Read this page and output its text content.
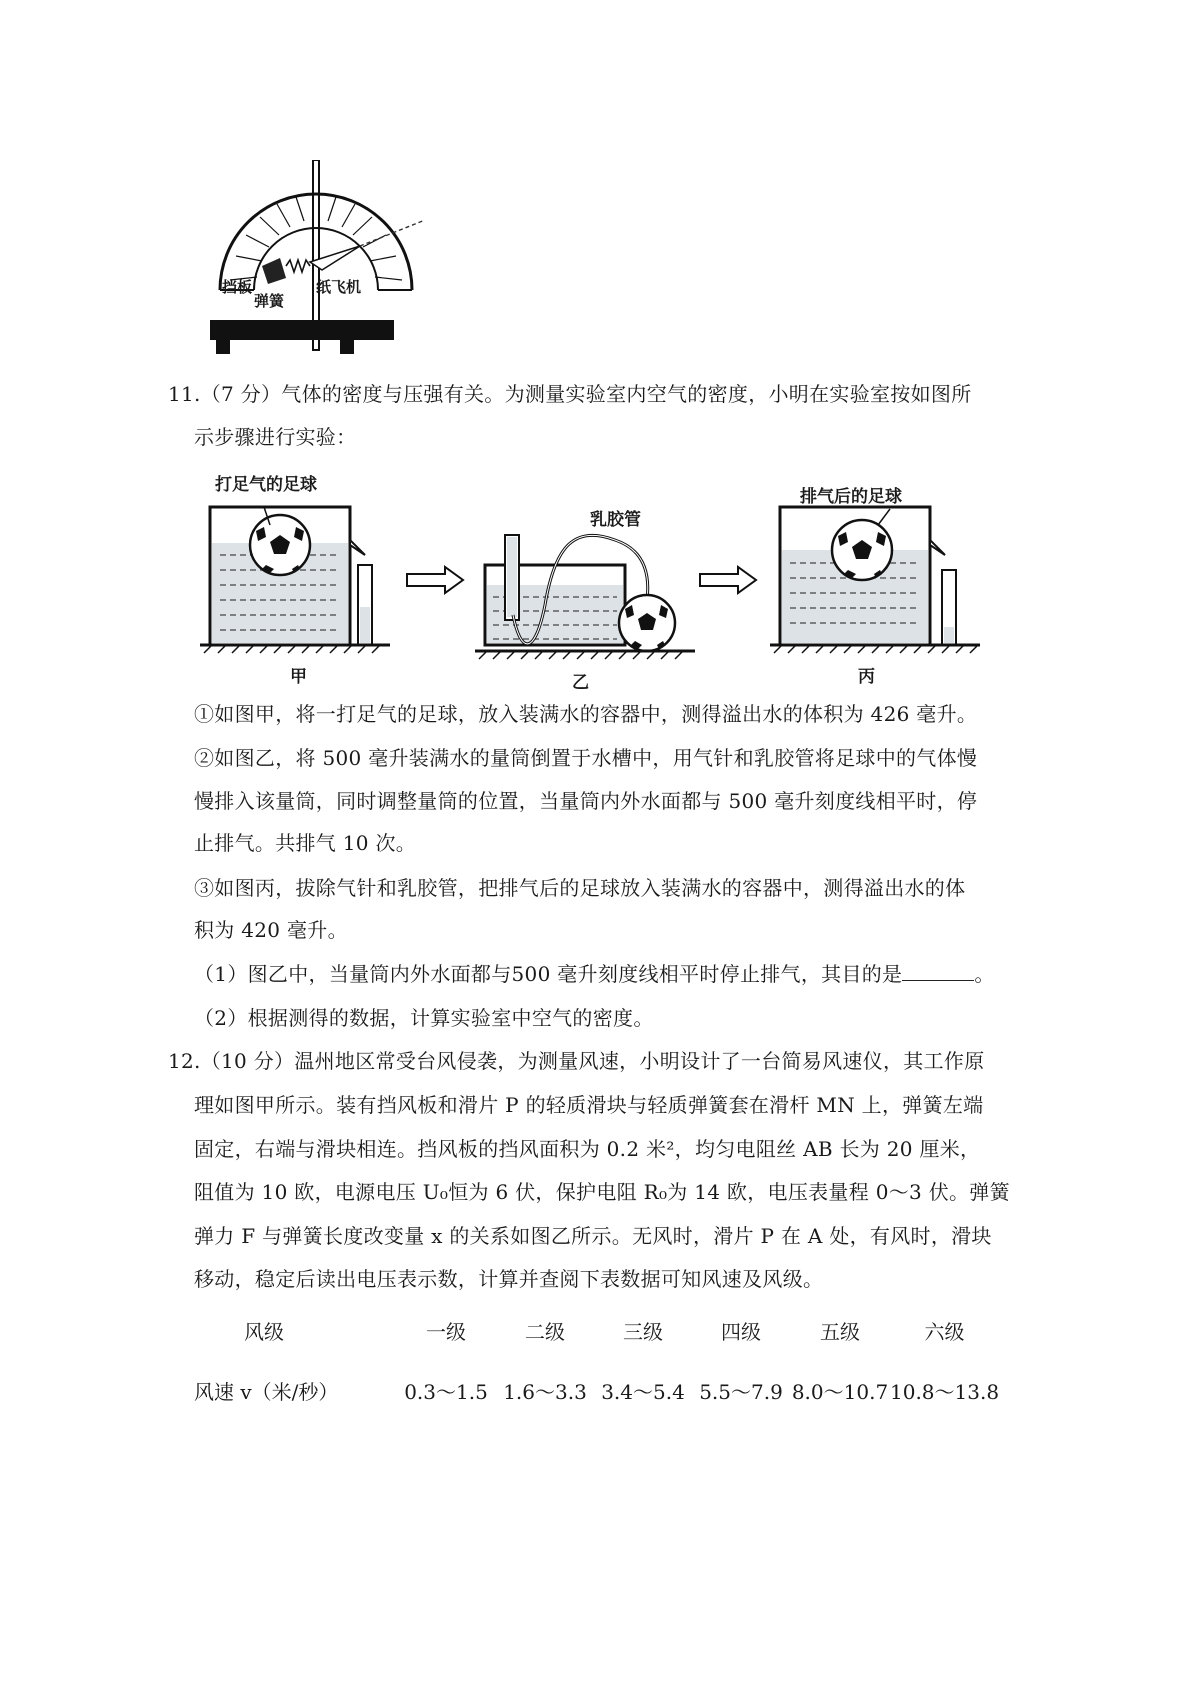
挡板
弹簧
纸飞机
11.（7 分）气体的密度与压强有关。为测量实验室内空气的密度，小明在实验室按如图所
示步骤进行实验：
打足气的足球
甲
乳胶管
乙
排气后的足球
丙
①如图甲，将一打足气的足球，放入装满水的容器中，测得溢出水的体积为 426 毫升。
②如图乙，将 500 毫升装满水的量筒倒置于水槽中，用气针和乳胶管将足球中的气体慢
慢排入该量筒，同时调整量筒的位置，当量筒内外水面都与 500 毫升刻度线相平时，停
止排气。共排气 10 次。
③如图丙，拔除气针和乳胶管，把排气后的足球放入装满水的容器中，测得溢出水的体
积为 420 毫升。
（1）图乙中，当量筒内外水面都与500 毫升刻度线相平时停止排气，其目的是	。
（2）根据测得的数据，计算实验室中空气的密度。
12.（10 分）温州地区常受台风侵袭，为测量风速，小明设计了一台简易风速仪，其工作原
理如图甲所示。装有挡风板和滑片 P 的轻质滑块与轻质弹簧套在滑杆 MN 上，弹簧左端
固定，右端与滑块相连。挡风板的挡风面积为 0.2 米²，均匀电阻丝 AB 长为 20 厘米，
阻值为 10 欧，电源电压 U₀恒为 6 伏，保护电阻 R₀为 14 欧，电压表量程 0～3 伏。弹簧
弹力 F 与弹簧长度改变量 x 的关系如图乙所示。无风时，滑片 P 在 A 处，有风时，滑块
移动，稳定后读出电压表示数，计算并查阅下表数据可知风速及风级。
风级	一级	二级	三级	四级	五级	六级
风速 v（米/秒）	0.3～1.5	1.6～3.3	3.4～5.4	5.5～7.9	8.0～10.7	10.8～13.8
